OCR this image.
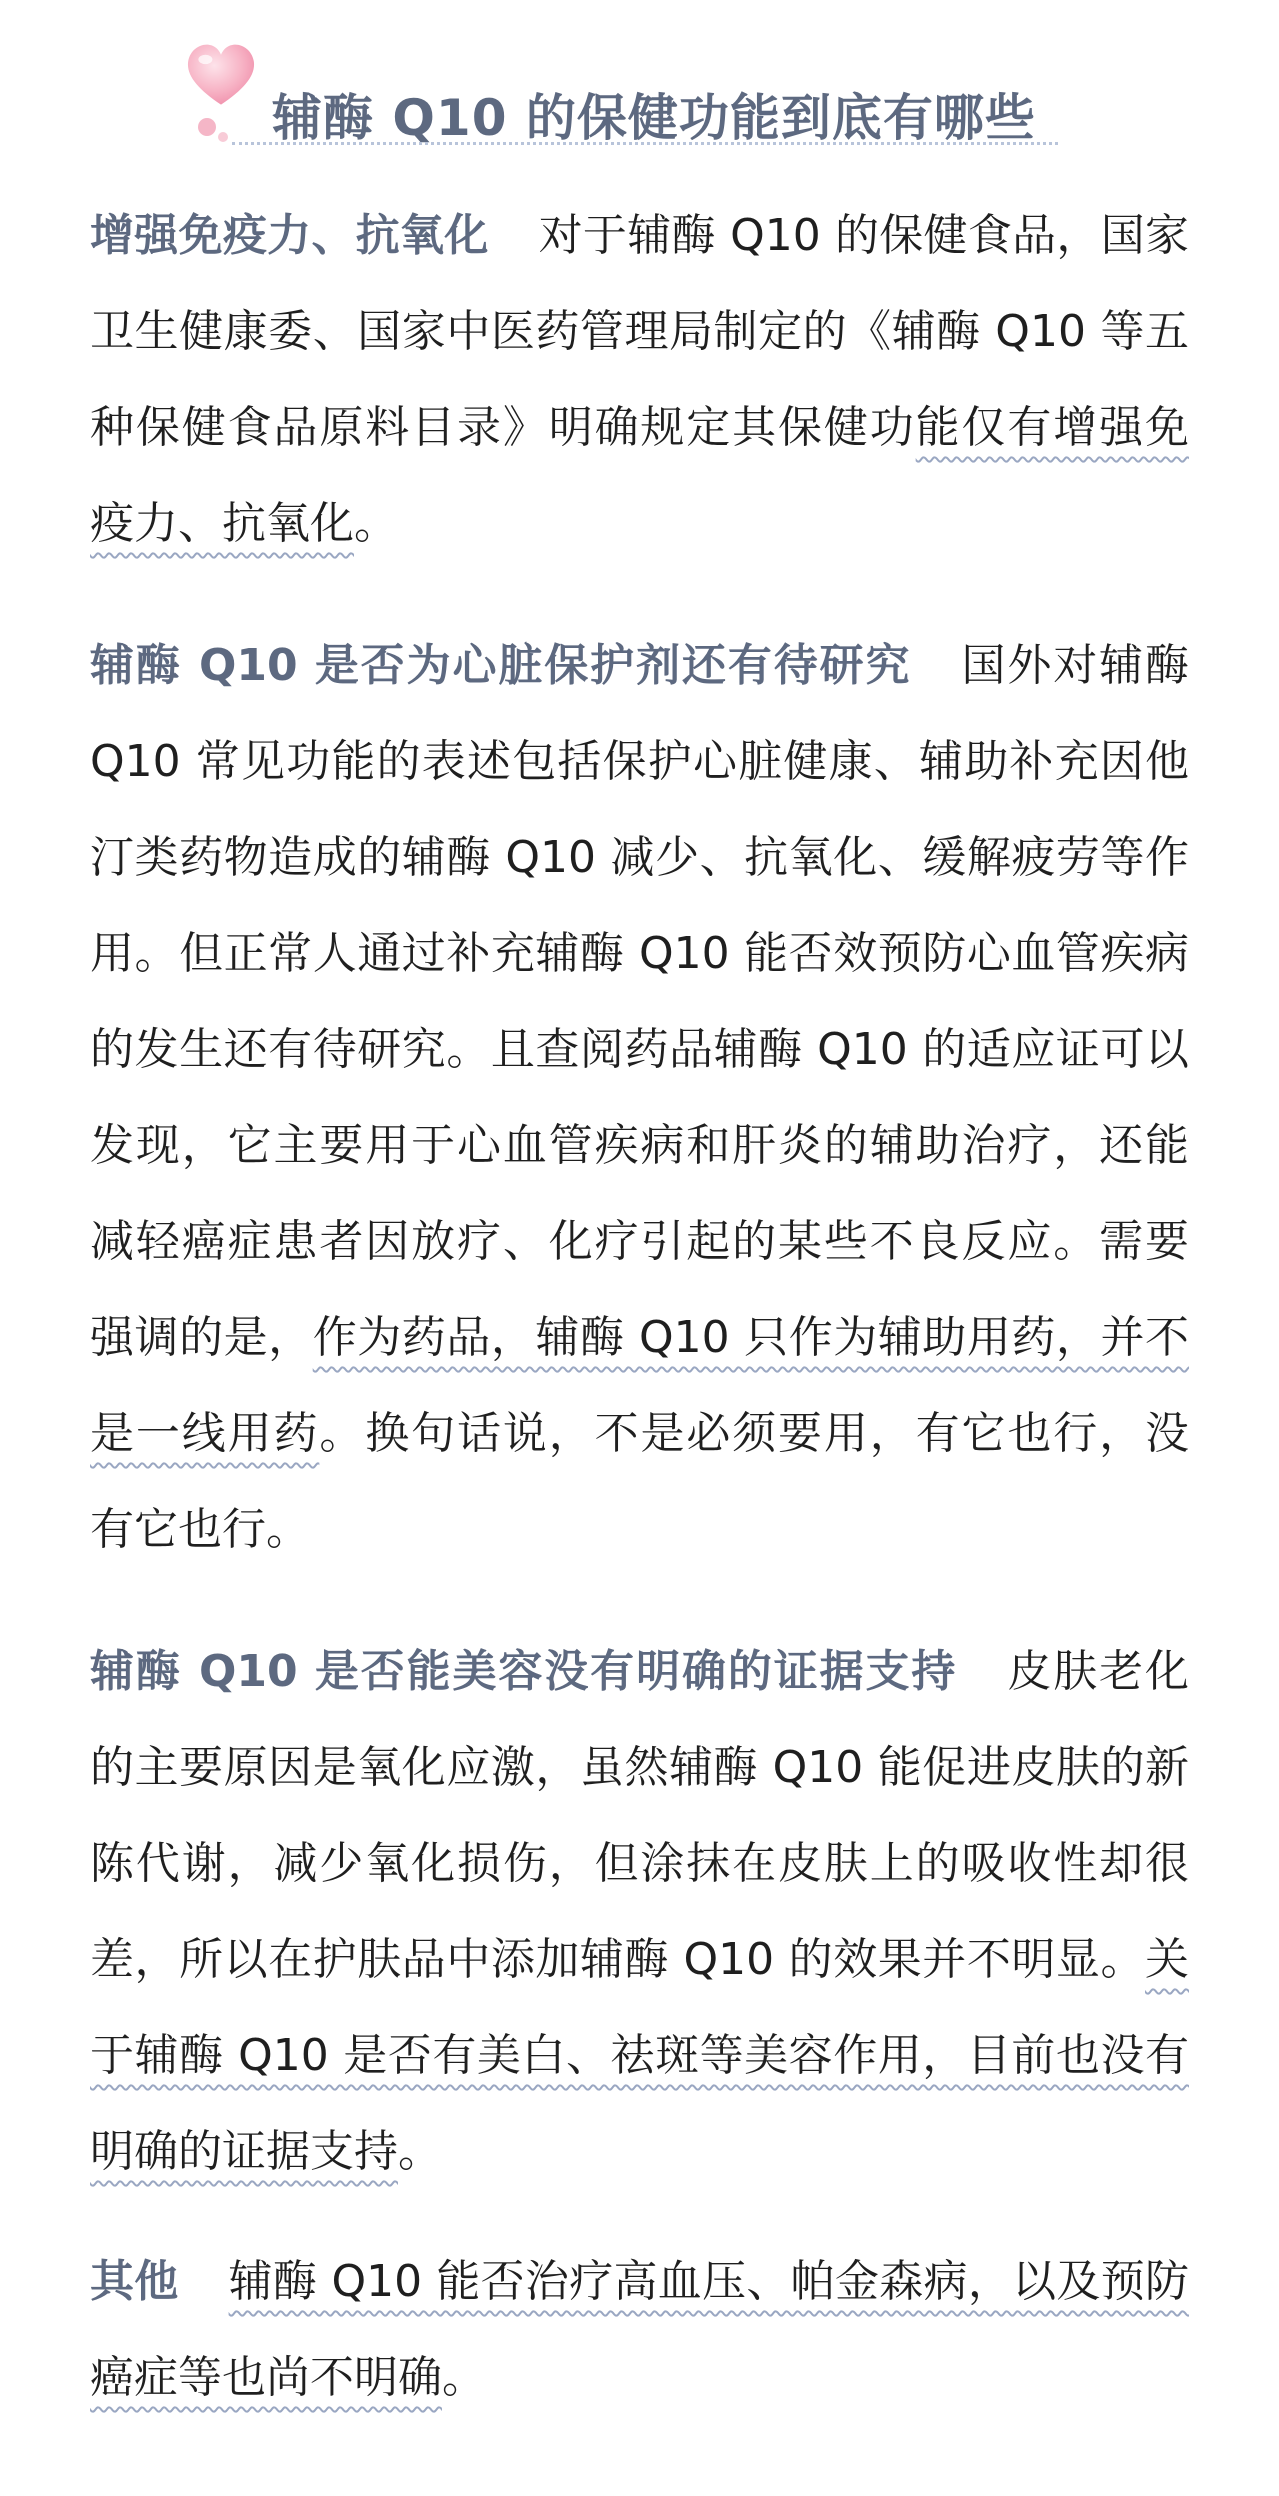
辅酶 Q10 的保健功能到底有哪些

增强免疫力、抗氧化 对于辅酶 Q10 的保健食品，国家卫生健康委、国家中医药管理局制定的《辅酶 Q10 等五种保健食品原料目录》明确规定其保健功能仅有增强免疫力、抗氧化。

辅酶 Q10 是否为心脏保护剂还有待研究 国外对辅酶 Q10 常见功能的表述包括保护心脏健康、辅助补充因他汀类药物造成的辅酶 Q10 减少、抗氧化、缓解疲劳等作用。但正常人通过补充辅酶 Q10 能否效预防心血管疾病的发生还有待研究。且查阅药品辅酶 Q10 的适应证可以发现，它主要用于心血管疾病和肝炎的辅助治疗，还能减轻癌症患者因放疗、化疗引起的某些不良反应。需要强调的是，作为药品，辅酶 Q10 只作为辅助用药，并不是一线用药。换句话说，不是必须要用，有它也行，没有它也行。

辅酶 Q10 是否能美容没有明确的证据支持 皮肤老化的主要原因是氧化应激，虽然辅酶 Q10 能促进皮肤的新陈代谢，减少氧化损伤，但涂抹在皮肤上的吸收性却很差，所以在护肤品中添加辅酶 Q10 的效果并不明显。关于辅酶 Q10 是否有美白、祛斑等美容作用，目前也没有明确的证据支持。

其他 辅酶 Q10 能否治疗高血压、帕金森病，以及预防癌症等也尚不明确。
